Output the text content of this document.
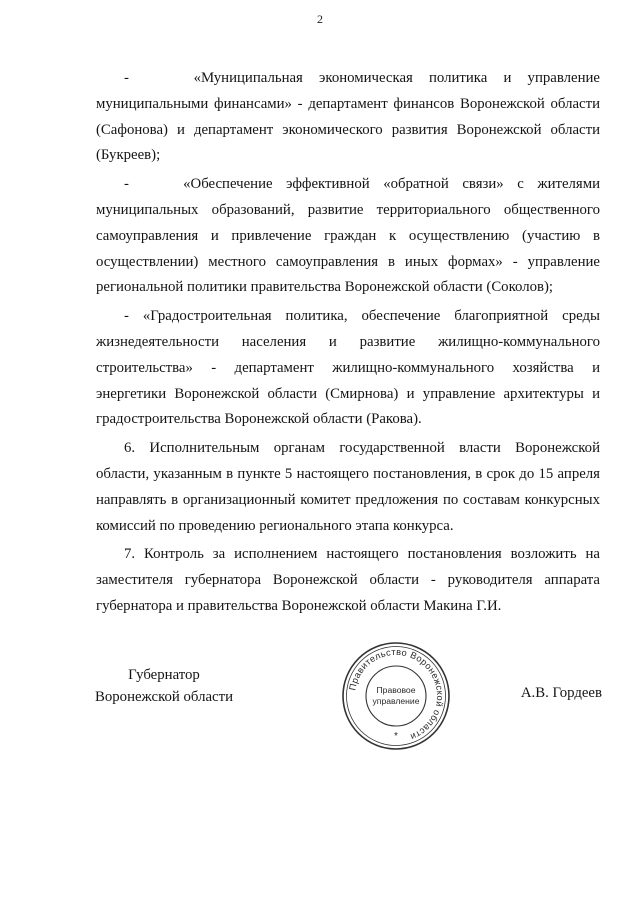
2

-    «Муниципальная экономическая политика и управление муниципальными финансами» - департамент финансов Воронежской области (Сафонова) и департамент экономического развития Воронежской области (Букреев);

-    «Обеспечение эффективной «обратной связи» с жителями муниципальных образований, развитие территориального общественного самоуправления и привлечение граждан к осуществлению (участию в осуществлении) местного самоуправления в иных формах» - управление региональной политики правительства Воронежской области (Соколов);

- «Градостроительная политика, обеспечение благоприятной среды жизнедеятельности населения и развитие жилищно-коммунального строительства» - департамент жилищно-коммунального хозяйства и энергетики Воронежской области (Смирнова) и управление архитектуры и градостроительства Воронежской области (Ракова).

6. Исполнительным органам государственной власти Воронежской области, указанным в пункте 5 настоящего постановления, в срок до 15 апреля направлять в организационный комитет предложения по составам конкурсных комиссий по проведению регионального этапа конкурса.

7. Контроль за исполнением настоящего постановления возложить на заместителя губернатора Воронежской области - руководителя аппарата губернатора и правительства Воронежской области Макина Г.И.

Губернатор
Воронежской области
Правительство Воронежской области
Правовое
управление
*
А.В. Гордеев
